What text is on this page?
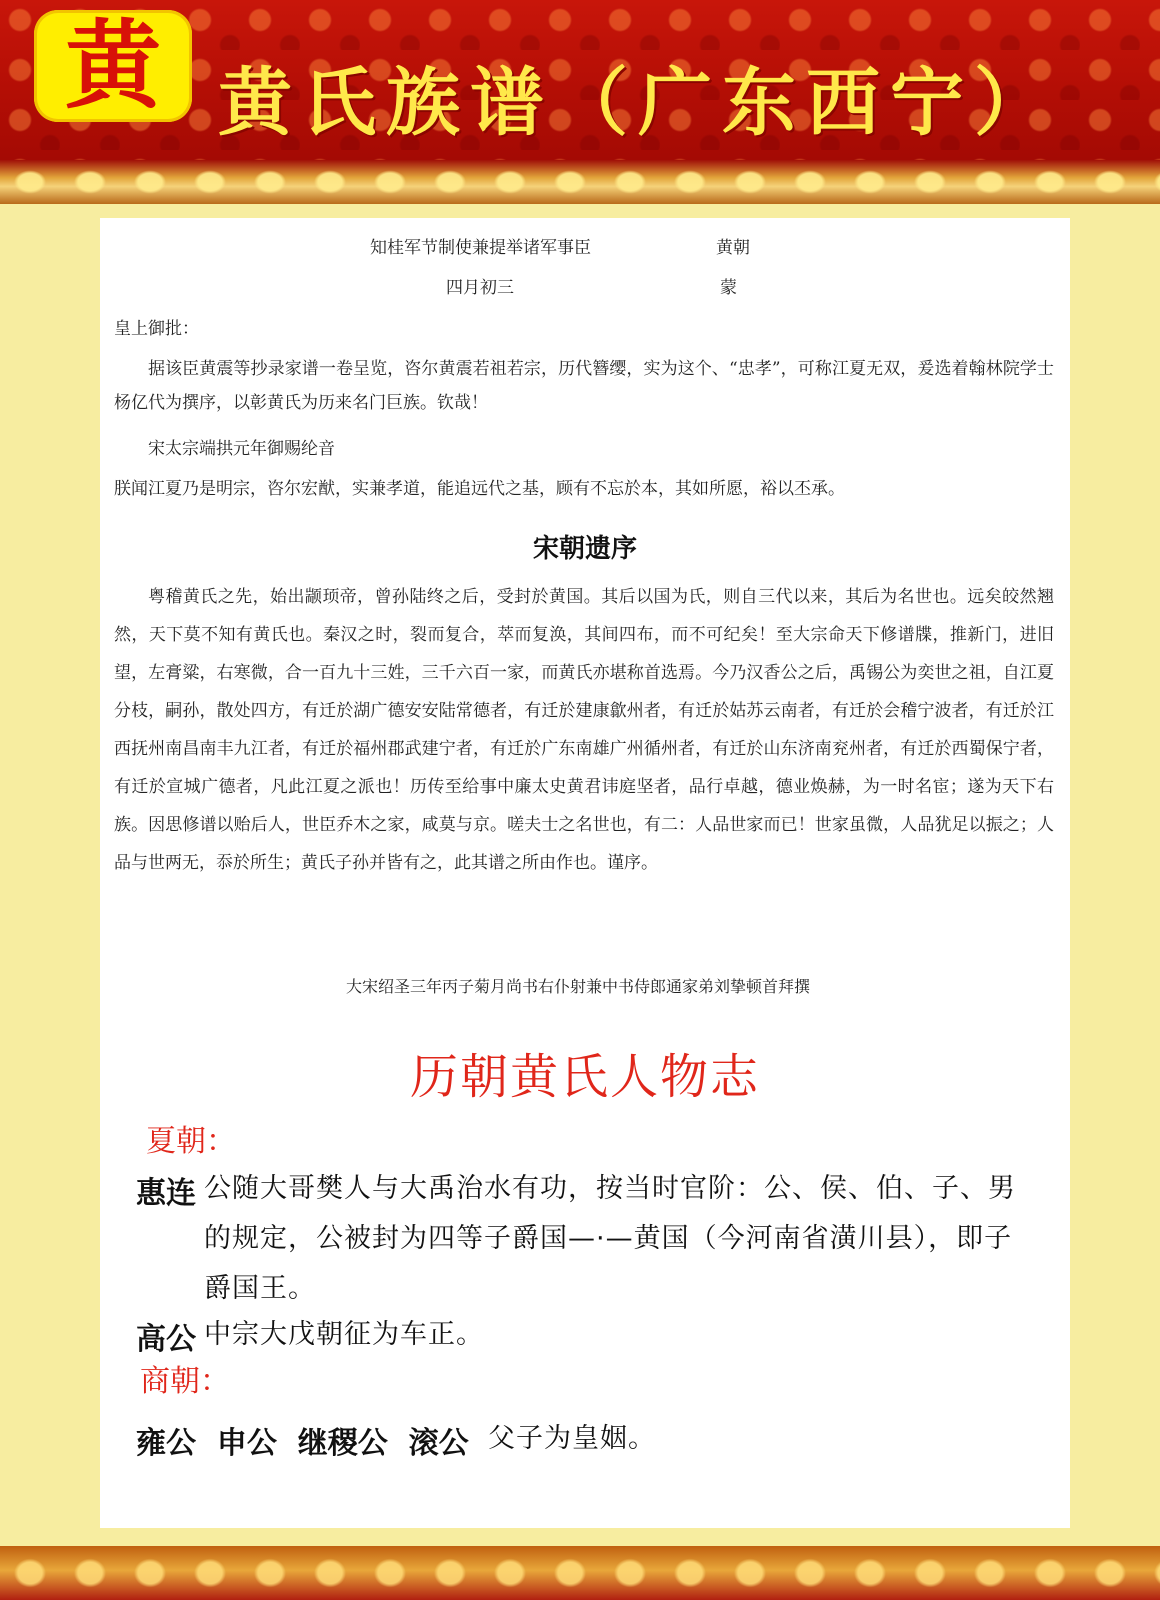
黄 黄氏族谱（广东西宁）
知桂军节制使兼提举诸军事臣	黄朝
四月初三	蒙
皇上御批：
据该臣黄震等抄录家谱一卷呈览，咨尔黄震若祖若宗，历代簪缨，实为这个、“忠孝”，可称江夏无双，爰选着翰林院学士杨亿代为撰序，以彰黄氏为历来名门巨族。钦哉！
宋太宗端拱元年御赐纶音
朕闻江夏乃是明宗，咨尔宏猷，实兼孝道，能追远代之基，顾有不忘於本，其如所愿，裕以丕承。
宋朝遗序
粤稽黄氏之先，始出颛顼帝，曾孙陆终之后，受封於黄国。其后以国为氏，则自三代以来，其后为名世也。远矣皎然翘然，天下莫不知有黄氏也。秦汉之时，裂而复合，萃而复涣，其间四布，而不可纪矣！至大宗命天下修谱牒，推新门，进旧望，左膏粱，右寒微，合一百九十三姓，三千六百一家，而黄氏亦堪称首选焉。今乃汉香公之后，禹锡公为奕世之祖，自江夏分枝，嗣孙，散处四方，有迁於湖广德安安陆常德者，有迁於建康歙州者，有迁於姑苏云南者，有迁於会稽宁波者，有迁於江西抚州南昌南丰九江者，有迁於福州郡武建宁者，有迁於广东南雄广州循州者，有迁於山东济南兖州者，有迁於西蜀保宁者，有迁於宣城广德者，凡此江夏之派也！历传至给事中廉太史黄君讳庭坚者，品行卓越，德业焕赫，为一时名宦；遂为天下右族。因思修谱以贻后人，世臣乔木之家，咸莫与京。嗟夫士之名世也，有二：人品世家而已！世家虽微，人品犹足以振之；人品与世两无，忝於所生；黄氏子孙并皆有之，此其谱之所由作也。谨序。
大宋绍圣三年丙子菊月尚书右仆射兼中书侍郎通家弟刘挚顿首拜撰
历朝黄氏人物志
夏朝：
惠连 公随大哥樊人与大禹治水有功，按当时官阶：公、侯、伯、子、男的规定，公被封为四等子爵国—·—黄国（今河南省潢川县），即子爵国王。
高公 中宗大戊朝征为车正。
商朝：
雍公  申公  继稷公  滚公 父子为皇姻。
